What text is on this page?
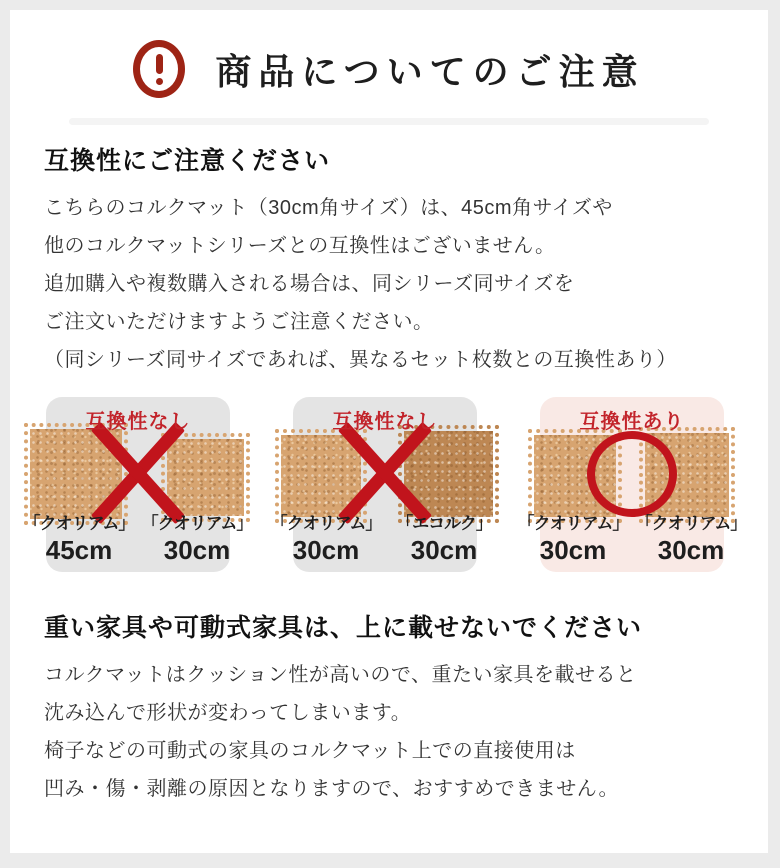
商品についてのご注意
互換性にご注意ください

こちらのコルクマット（30cm角サイズ）は、45cm角サイズや

他のコルクマットシリーズとの互換性はございません。

追加購入や複数購入される場合は、同シリーズ同サイズを

ご注文いただけますようご注意ください。

（同シリーズ同サイズであれば、異なるセット枚数との互換性あり）

互換性なし
「クオリアム」
45cm
「クオリアム」
30cm
互換性なし
「クオリアム」
30cm
「エコルク」
30cm
互換性あり
「クオリアム」
30cm
「クオリアム」
30cm
重い家具や可動式家具は、上に載せないでください

コルクマットはクッション性が高いので、重たい家具を載せると

沈み込んで形状が変わってしまいます。

椅子などの可動式の家具のコルクマット上での直接使用は

凹み・傷・剥離の原因となりますので、おすすめできません。
